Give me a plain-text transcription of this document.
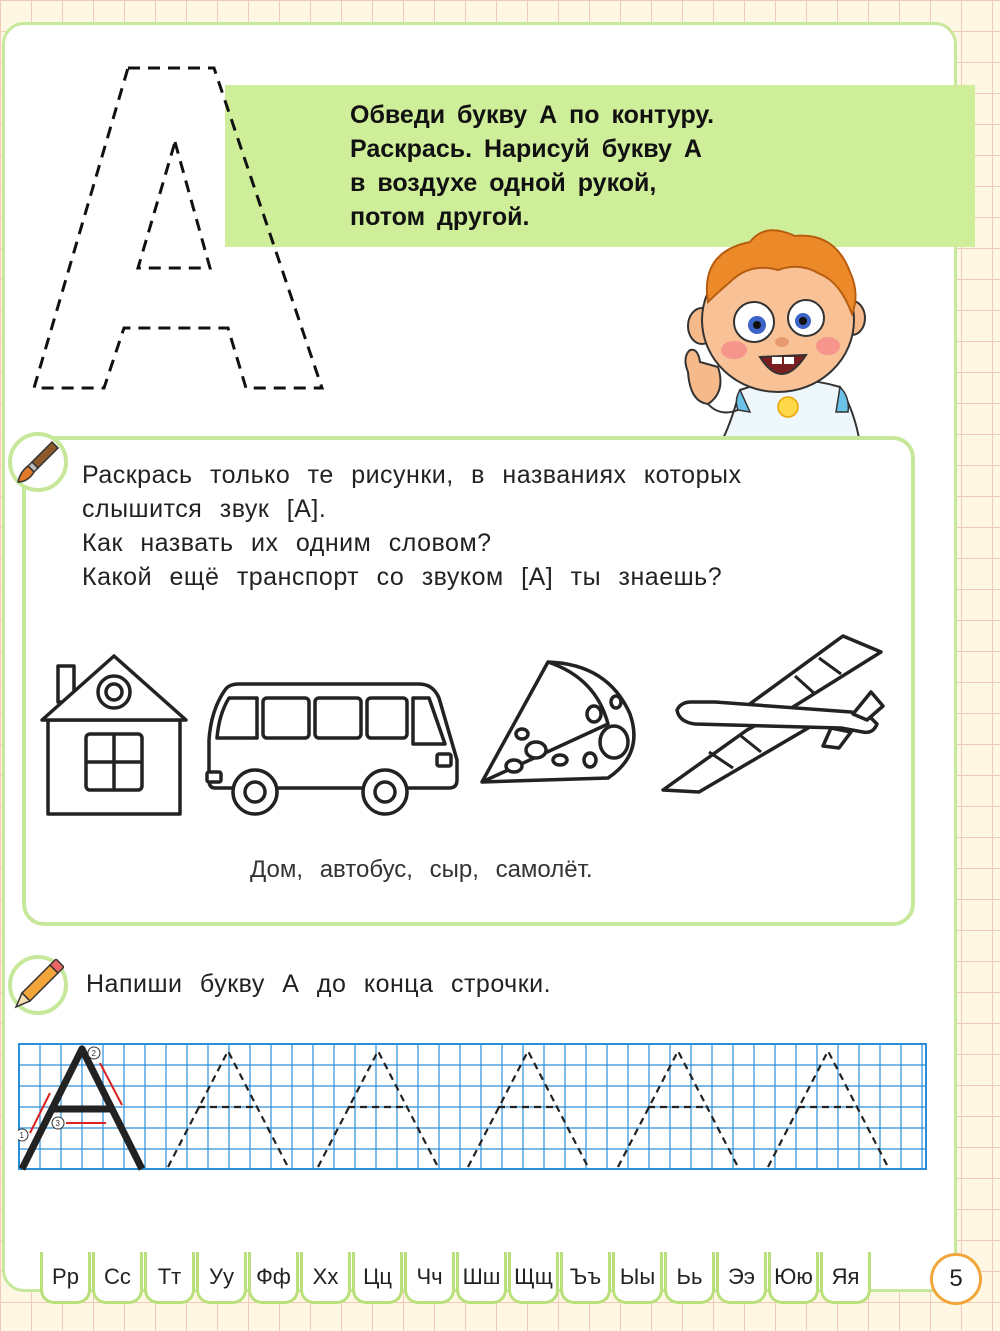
Обведи букву А по контуру.
Раскрась. Нарисуй букву А
в воздухе одной рукой,
потом другой.
Раскрась только те рисунки, в названиях которых
слышится звук [А].
Как назвать их одним словом?
Какой ещё транспорт со звуком [А] ты знаешь?
Дом, автобус, сыр, самолёт.
Напиши букву А до конца строчки.
1
2
3
Рр	Сс	Тт	Уу	Фф Хх	Цц	Чч Шш Щщ Ъъ Ыы Ьь	Ээ Юю Яя	5
